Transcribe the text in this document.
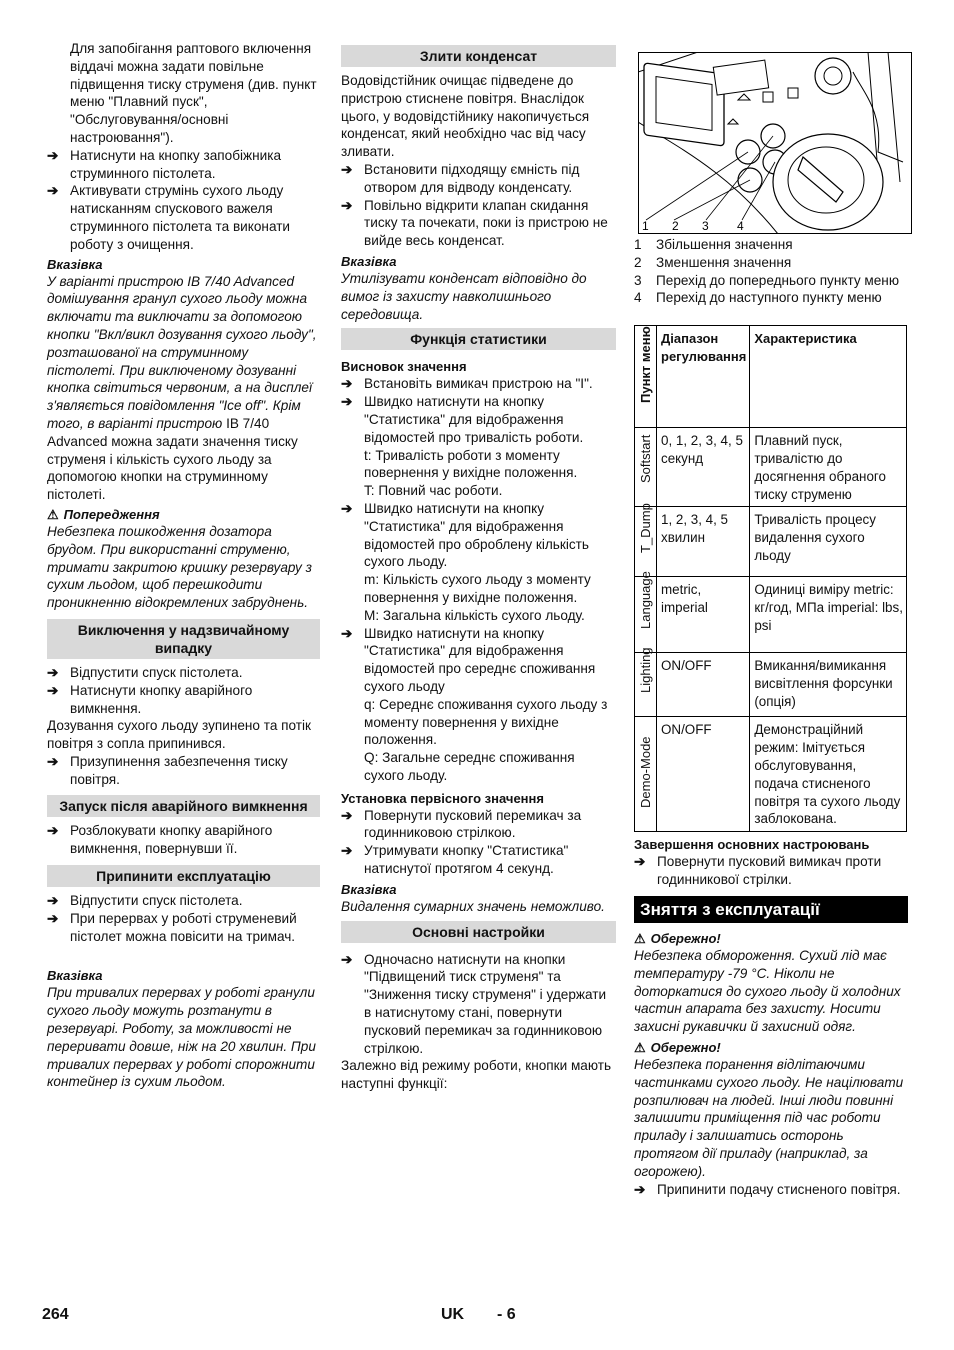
Для запобігання раптового включення віддачі можна задати повільне підвищення тиску струменя (див. пункт меню "Плавний пуск", "Обслуговування/основні настроювання").

➔ Натиснути на кнопку запобіжника струминного пістолета.

➔ Активувати струмінь сухого льоду натисканням спускового важеля струминного пістолета та виконати роботу з очищення.

Вказівка

У варіанті пристрою IB 7/40 Advanced домішування гранул сухого льоду можна включати та виключати за допомогою кнопки "Вкл/викл дозування сухого льоду", розташованої на струминному пістолеті. При виключеному дозуванні кнопка світиться червоним, а на дисплеї з'являється повідомлення "Ice off". Крім того, в варіанті пристрою IB 7/40 Advanced можна задати значення тиску струменя і кількість сухого льоду за допомогою кнопки на струминному пістолеті.

⚠ Попередження

Небезпека пошкодження дозатора брудом. При використанні струменю, тримати закритою кришку резервуару з сухим льодом, щоб перешкодити проникненню відокремлених забруднень.

Виключення у надзвичайному випадку

➔ Відпустити спуск пістолета.

➔ Натиснути кнопку аварійного вимкнення.

Дозування сухого льоду зупинено та потік повітря з сопла припинився.

➔ Призупинення забезпечення тиску повітря.

Запуск після аварійного вимкнення

➔ Розблокувати кнопку аварійного вимкнення, повернувши її.

Припинити експлуатацію

➔ Відпустити спуск пістолета.

➔ При перервах у роботі струменевий пістолет можна повісити на тримач.

Вказівка

При тривалих перервах у роботі гранули сухого льоду можуть розтанути в резервуарі. Роботу, за можливості не переривати довше, ніж на 20 хвилин. При тривалих перервах у роботі спорожнити контейнер із сухим льодом.

Злити конденсат

Водовідстійник очищає підведене до пристрою стиснене повітря. Внаслідок цього, у водовідстійнику накопичується конденсат, який необхідно час від часу зливати.

➔ Встановити підходящу ємність під отвором для відводу конденсату.

➔ Повільно відкрити клапан скидання тиску та почекати, поки із пристрою не вийде весь конденсат.

Вказівка

Утилізувати конденсат відповідно до вимог із захисту навколишнього середовища.

Функція статистики

Висновок значення

➔ Встановіть вимикач пристрою на "I".

➔ Швидко натиснути на кнопку "Статистика" для відображення відомостей про тривалість роботи.

t: Тривалість роботи з моменту повернення у вихідне положення.

T: Повний час роботи.

➔ Швидко натиснути на кнопку "Статистика" для відображення відомостей про оброблену кількість сухого льоду.

m: Кількість сухого льоду з моменту повернення у вихідне положення.

M: Загальна кількість сухого льоду.

➔ Швидко натиснути на кнопку "Статистика" для відображення відомостей про середнє споживання сухого льоду

q: Середнє споживання сухого льоду з моменту повернення у вихідне положення.

Q: Загальне середнє споживання сухого льоду.

Установка первісного значення

➔ Повернути пусковий перемикач за годинниковою стрілкою.

➔ Утримувати кнопку "Статистика" натиснутої протягом 4 секунд.

Вказівка

Видалення сумарних значень неможливо.

Основні настройки

➔ Одночасно натиснути на кнопки "Підвищений тиск струменя" та "Зниження тиску струменя" і удержати в натиснутому стані, повернути пусковий перемикач за годинниковою стрілкою.

Залежно від режиму роботи, кнопки мають наступні функції:

1 2 3 4

1 Збільшення значення

2 Зменшення значення

3 Перехід до попереднього пункту меню

4 Перехід до наступного пункту меню

Пункт меню	Діапазон регулювання	Характеристика

Softstart	0, 1, 2, 3, 4, 5 секунд	Плавний пуск, тривалістю до досягнення обраного тиску струменю

T_Dump	1, 2, 3, 4, 5 хвилин	Тривалість процесу видалення сухого льоду

Language	metric, imperial	Одиниці виміру metric: кг/год, МПа imperial: lbs, psi

Lighting	ON/OFF	Вмикання/вимикання висвітлення форсунки (опція)

Demo-Mode	ON/OFF	Демонстраційний режим: Імітується обслуговування, подача стисненого повітря та сухого льоду заблокована.

Завершення основних настроювань

➔ Повернути пусковий вимикач проти годинникової стрілки.

Зняття з експлуатації

⚠ Обережно!

Небезпека обмороження. Сухий лід має температуру -79 °C. Ніколи не доторкатися до сухого льоду й холодних частин апарата без захисту. Носити захисні рукавички й захисний одяг.

⚠ Обережно!

Небезпека поранення відлітаючими частинками сухого льоду. Не націлювати розпилювач на людей. Інші люди повинні залишити приміщення під час роботи приладу і залишатись осторонь протягом дії приладу (наприклад, за огорожею).

➔ Припинити подачу стисненого повітря.

264	UK - 6
